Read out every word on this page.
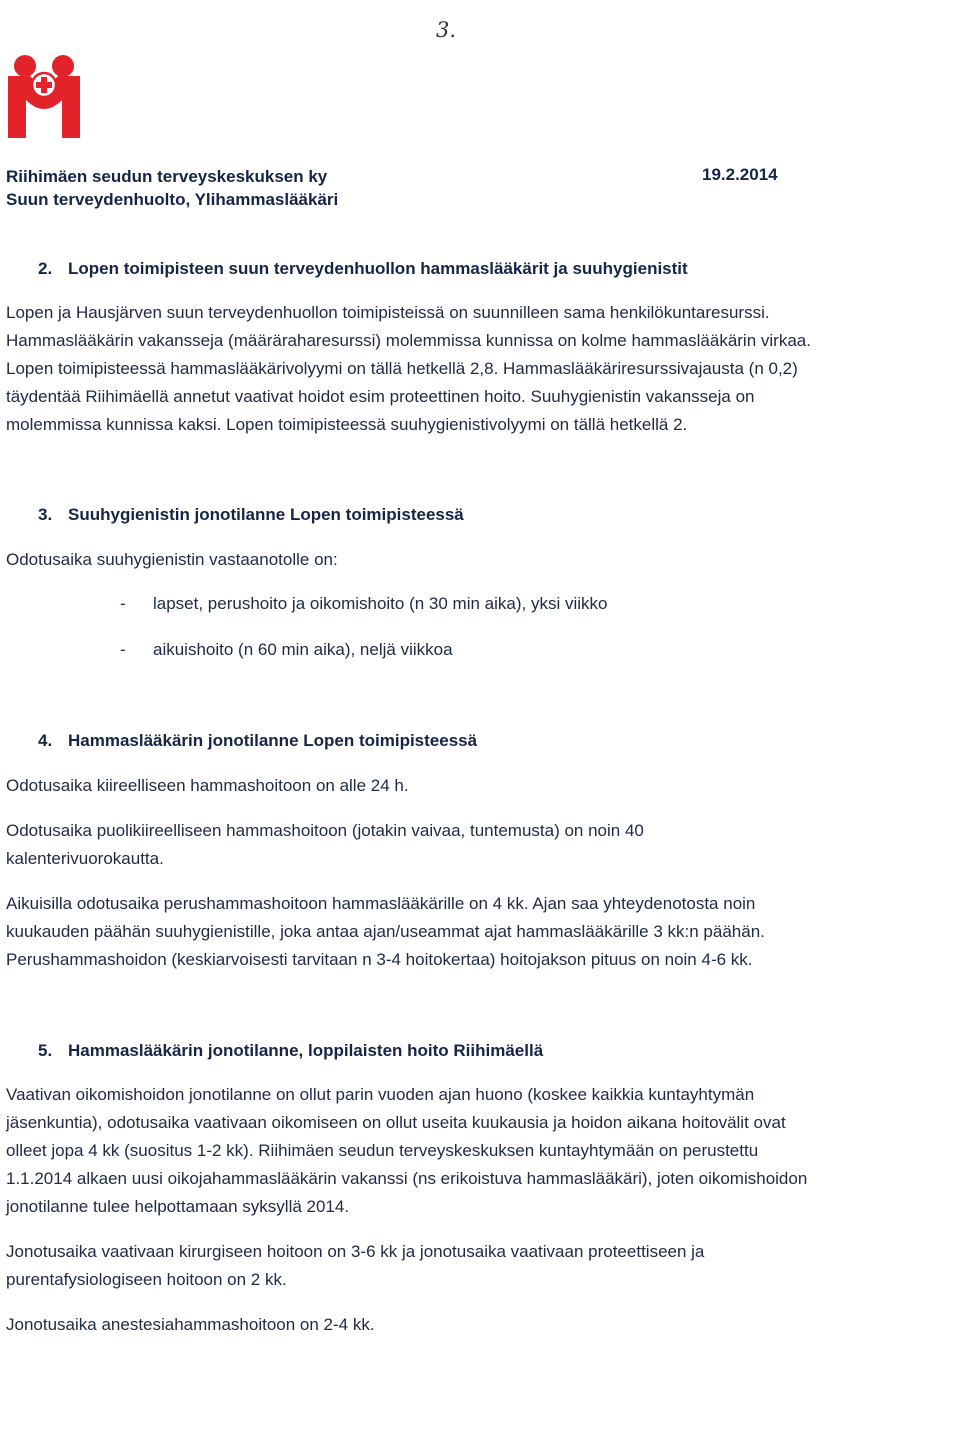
3.
Riihimäen seudun terveyskeskuksen ky
Suun terveydenhuolto, Ylihammaslääkäri
19.2.2014
2. Lopen toimipisteen suun terveydenhuollon hammaslääkärit ja suuhygienistit
Lopen ja Hausjärven suun terveydenhuollon toimipisteissä on suunnilleen sama henkilökuntaresurssi.
Hammaslääkärin vakansseja (määräraharesurssi) molemmissa kunnissa on kolme hammaslääkärin virkaa.
Lopen toimipisteessä hammaslääkärivolyymi on tällä hetkellä 2,8. Hammaslääkäriresurssivajausta (n 0,2)
täydentää Riihimäellä annetut vaativat hoidot esim proteettinen hoito. Suuhygienistin vakansseja on
molemmissa kunnissa kaksi. Lopen toimipisteessä suuhygienistivolyymi on tällä hetkellä 2.
3. Suuhygienistin jonotilanne Lopen toimipisteessä
Odotusaika suuhygienistin vastaanotolle on:
- lapset, perushoito ja oikomishoito (n 30 min aika), yksi viikko
- aikuishoito (n 60 min aika), neljä viikkoa
4. Hammaslääkärin jonotilanne Lopen toimipisteessä
Odotusaika kiireelliseen hammashoitoon on alle 24 h.
Odotusaika puolikiireelliseen hammashoitoon (jotakin vaivaa, tuntemusta) on noin 40
kalenterivuorokautta.
Aikuisilla odotusaika perushammashoitoon hammaslääkärille on 4 kk. Ajan saa yhteydenotosta noin
kuukauden päähän suuhygienistille, joka antaa ajan/useammat ajat hammaslääkärille 3 kk:n päähän.
Perushammashoidon (keskiarvoisesti tarvitaan n 3-4 hoitokertaa) hoitojakson pituus on noin 4-6 kk.
5. Hammaslääkärin jonotilanne, loppilaisten hoito Riihimäellä
Vaativan oikomishoidon jonotilanne on ollut parin vuoden ajan huono (koskee kaikkia kuntayhtymän
jäsenkuntia), odotusaika vaativaan oikomiseen on ollut useita kuukausia ja hoidon aikana hoitovälit ovat
olleet jopa 4 kk (suositus 1-2 kk). Riihimäen seudun terveyskeskuksen kuntayhtymään on perustettu
1.1.2014 alkaen uusi oikojahammaslääkärin vakanssi (ns erikoistuva hammaslääkäri), joten oikomishoidon
jonotilanne tulee helpottamaan syksyllä 2014.
Jonotusaika vaativaan kirurgiseen hoitoon on 3-6 kk ja jonotusaika vaativaan proteettiseen ja
purentafysiologiseen hoitoon on 2 kk.
Jonotusaika anestesiahammashoitoon on 2-4 kk.
